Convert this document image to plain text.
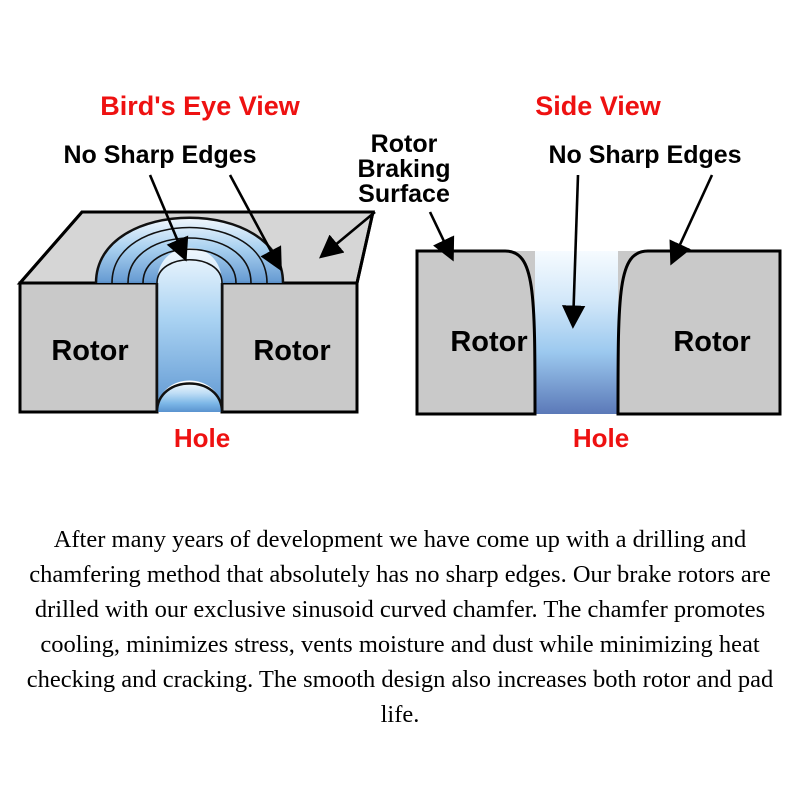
Bird's Eye View	Side View
No Sharp Edges	Rotor
Braking
Surface
Rotor	Rotor
Hole
No Sharp Edges
Rotor	Rotor
Hole
After many years of development we have come up with a drilling and chamfering method that absolutely has no sharp edges. Our brake rotors are drilled with our exclusive sinusoid curved chamfer. The chamfer promotes cooling, minimizes stress, vents moisture and dust while minimizing heat checking and cracking. The smooth design also increases both rotor and pad life.
